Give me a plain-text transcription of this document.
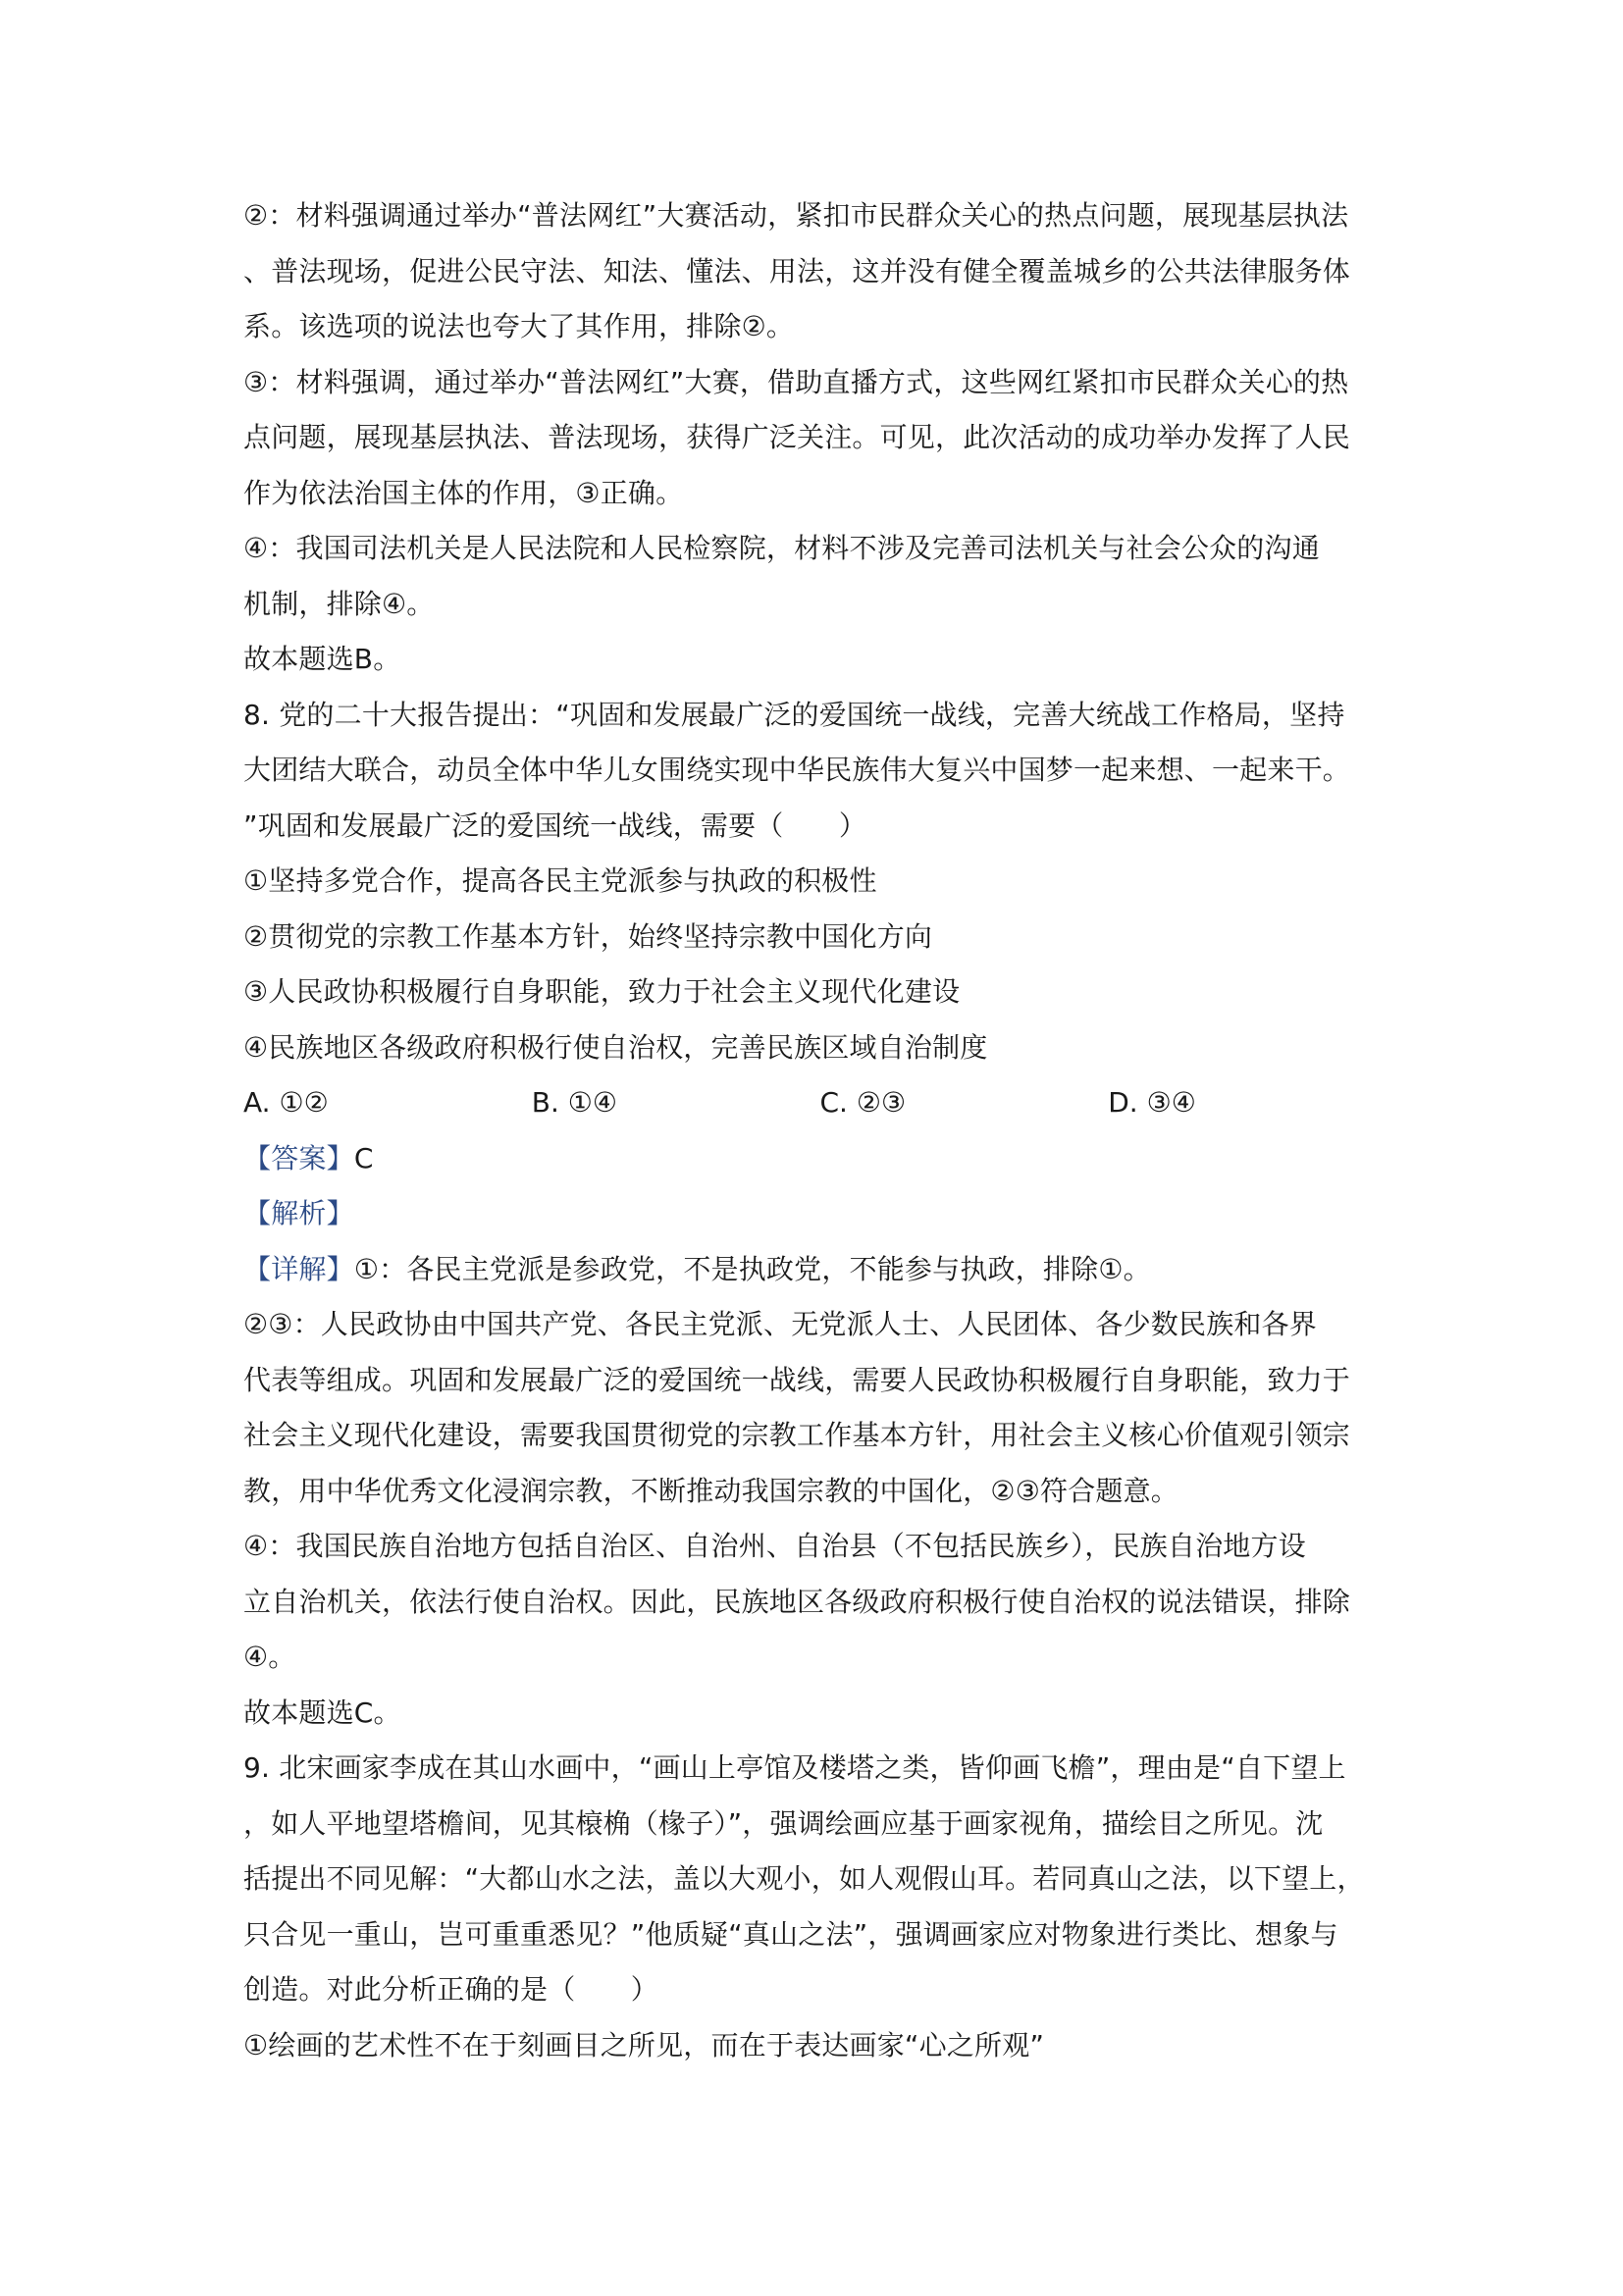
②：材料强调通过举办“普法网红”大赛活动，紧扣市民群众关心的热点问题，展现基层执法
、普法现场，促进公民守法、知法、懂法、用法，这并没有健全覆盖城乡的公共法律服务体
系。该选项的说法也夸大了其作用，排除②。
③：材料强调，通过举办“普法网红”大赛，借助直播方式，这些网红紧扣市民群众关心的热
点问题，展现基层执法、普法现场，获得广泛关注。可见，此次活动的成功举办发挥了人民
作为依法治国主体的作用，③正确。
④：我国司法机关是人民法院和人民检察院，材料不涉及完善司法机关与社会公众的沟通
机制，排除④。
故本题选B。
8. 党的二十大报告提出：“巩固和发展最广泛的爱国统一战线，完善大统战工作格局，坚持
大团结大联合，动员全体中华儿女围绕实现中华民族伟大复兴中国梦一起来想、一起来干。
”巩固和发展最广泛的爱国统一战线，需要（　　）
①坚持多党合作，提高各民主党派参与执政的积极性
②贯彻党的宗教工作基本方针，始终坚持宗教中国化方向
③人民政协积极履行自身职能，致力于社会主义现代化建设
④民族地区各级政府积极行使自治权，完善民族区域自治制度
A. ①②	B. ①④	C. ②③	D. ③④
【答案】C
【解析】
【详解】①：各民主党派是参政党，不是执政党，不能参与执政，排除①。
②③：人民政协由中国共产党、各民主党派、无党派人士、人民团体、各少数民族和各界
代表等组成。巩固和发展最广泛的爱国统一战线，需要人民政协积极履行自身职能，致力于
社会主义现代化建设，需要我国贯彻党的宗教工作基本方针，用社会主义核心价值观引领宗
教，用中华优秀文化浸润宗教，不断推动我国宗教的中国化，②③符合题意。
④：我国民族自治地方包括自治区、自治州、自治县（不包括民族乡），民族自治地方设
立自治机关，依法行使自治权。因此，民族地区各级政府积极行使自治权的说法错误，排除
④。
故本题选C。
9. 北宋画家李成在其山水画中，“画山上亭馆及楼塔之类，皆仰画飞檐”，理由是“自下望上
，如人平地望塔檐间，见其榱桷（椽子）”，强调绘画应基于画家视角，描绘目之所见。沈
括提出不同见解：“大都山水之法，盖以大观小，如人观假山耳。若同真山之法，以下望上，
只合见一重山，岂可重重悉见？”他质疑“真山之法”，强调画家应对物象进行类比、想象与
创造。对此分析正确的是（　　）
①绘画的艺术性不在于刻画目之所见，而在于表达画家“心之所观”
